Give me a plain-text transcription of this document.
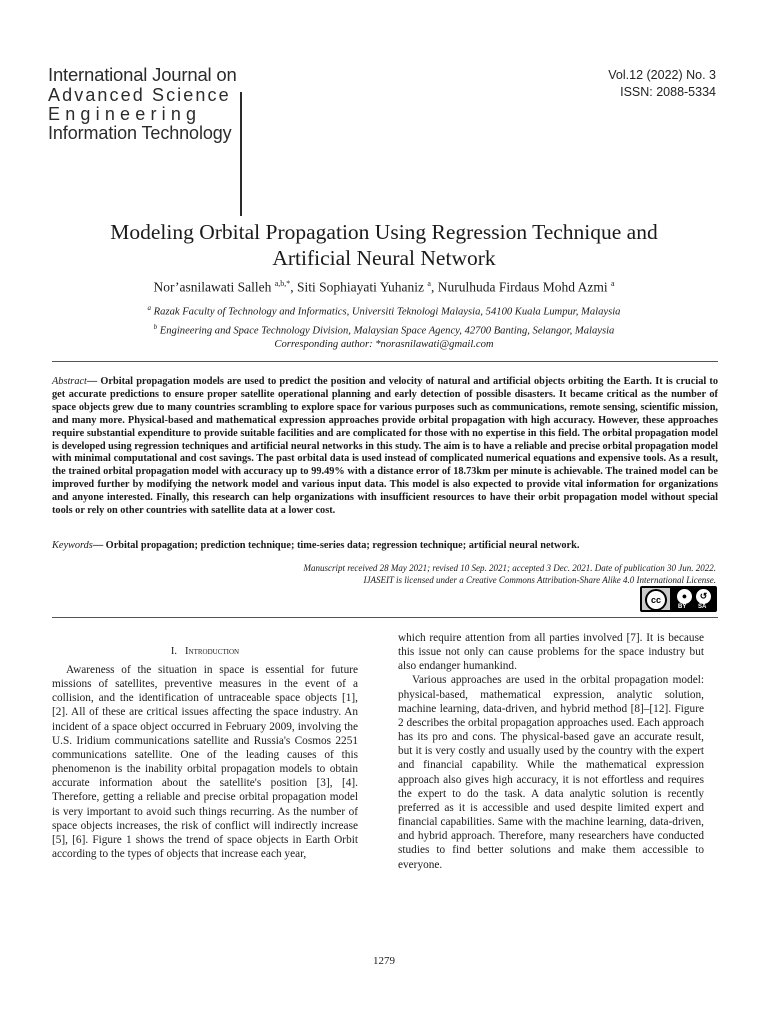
International Journal on
Advanced Science
Engineering
Information Technology
Vol.12 (2022) No. 3
ISSN: 2088-5334
Modeling Orbital Propagation Using Regression Technique and
Artificial Neural Network
Nor’asnilawati Salleh $^{a,b,*}$, Siti Sophiayati Yuhaniz $^a$, Nurulhuda Firdaus Mohd Azmi $^a$
$^a$ Razak Faculty of Technology and Informatics, Universiti Teknologi Malaysia, 54100 Kuala Lumpur, Malaysia
$^b$ Engineering and Space Technology Division, Malaysian Space Agency, 42700 Banting, Selangor, Malaysia
Corresponding author: *norasnilawati@gmail.com
Abstract— Orbital propagation models are used to predict the position and velocity of natural and artificial objects orbiting the Earth. It is crucial to get accurate predictions to ensure proper satellite operational planning and early detection of possible disasters. It became critical as the number of space objects grew due to many countries scrambling to explore space for various purposes such as communications, remote sensing, scientific mission, and many more. Physical-based and mathematical expression approaches provide orbital propagation with high accuracy. However, these approaches require substantial expenditure to provide suitable facilities and are complicated for those with no expertise in this field. The orbital propagation model is developed using regression techniques and artificial neural networks in this study. The aim is to have a reliable and precise orbital propagation model with minimal computational and cost savings. The past orbital data is used instead of complicated numerical equations and expensive tools. As a result, the trained orbital propagation model with accuracy up to 99.49% with a distance error of 18.73km per minute is achievable. The trained model can be improved further by modifying the network model and various input data. This model is also expected to provide vital information for organizations and anyone interested. Finally, this research can help organizations with insufficient resources to have their orbit propagation model without special tools or rely on other countries with satellite data at a lower cost.
Keywords— Orbital propagation; prediction technique; time-series data; regression technique; artificial neural network.
Manuscript received 28 May 2021; revised 10 Sep. 2021; accepted 3 Dec. 2021. Date of publication 30 Jun. 2022.
IJASEIT is licensed under a Creative Commons Attribution-Share Alike 4.0 International License.
cc	●	↺
BY SA
I. Introduction

Awareness of the situation in space is essential for future missions of satellites, preventive measures in the event of a collision, and the identification of untraceable space objects [1], [2]. All of these are critical issues affecting the space industry. An incident of a space object occurred in February 2009, involving the U.S. Iridium communications satellite and Russia's Cosmos 2251 communications satellite. One of the leading causes of this phenomenon is the inability orbital propagation models to obtain accurate information about the satellite's position [3], [4]. Therefore, getting a reliable and precise orbital propagation model is very important to avoid such things recurring. As the number of space objects increases, the risk of conflict will indirectly increase [5], [6]. Figure 1 shows the trend of space objects in Earth Orbit according to the types of objects that increase each year,

which require attention from all parties involved [7]. It is because this issue not only can cause problems for the space industry but also endanger humankind.

Various approaches are used in the orbital propagation model: physical-based, mathematical expression, analytic solution, machine learning, data-driven, and hybrid method [8]–[12]. Figure 2 describes the orbital propagation approaches used. Each approach has its pro and cons. The physical-based gave an accurate result, but it is very costly and usually used by the country with the expert and financial capability. While the mathematical expression approach also gives high accuracy, it is not effortless and requires the expert to do the task. A data analytic solution is recently preferred as it is accessible and used despite limited expert and financial capabilities. Same with the machine learning, data-driven, and hybrid approach. Therefore, many researchers have conducted studies to find better solutions and make them accessible to everyone.

1279
